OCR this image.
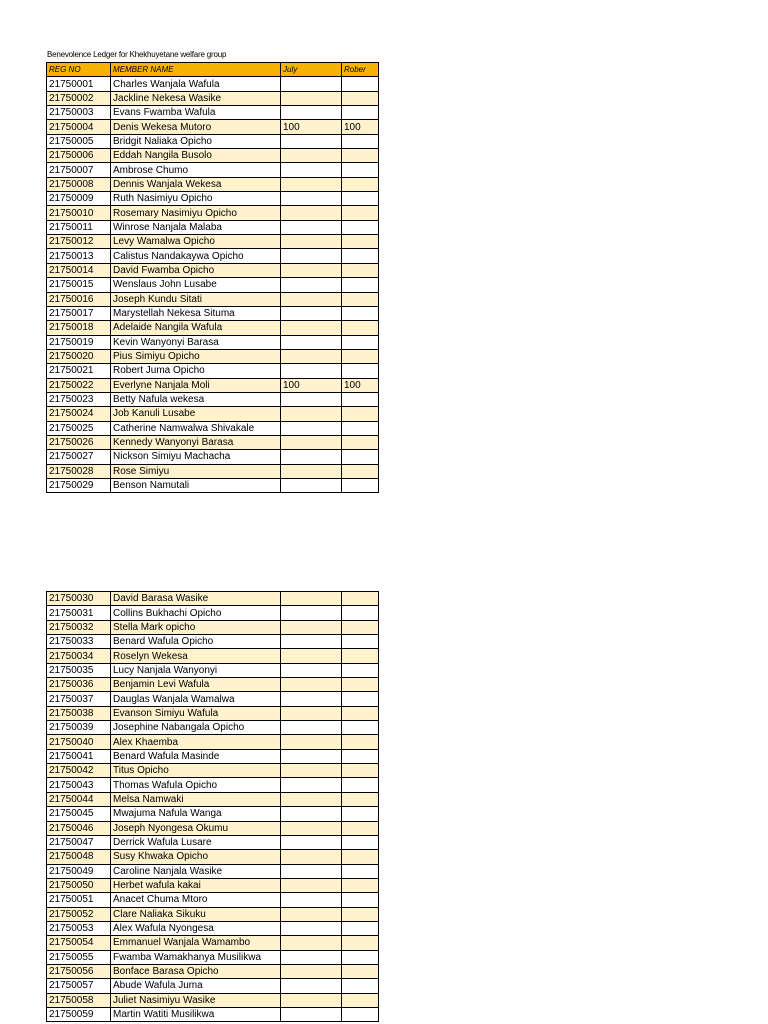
Benevolence Ledger for Khekhuyetane welfare group
REG NO	MEMBER NAME	July	Rober
21750001	Charles Wanjala Wafula		
21750002	Jackline Nekesa Wasike		
21750003	Evans Fwamba Wafula		
21750004	Denis Wekesa Mutoro	100	100
21750005	Bridgit Naliaka Opicho		
21750006	Eddah Nangila Busolo		
21750007	Ambrose Chumo		
21750008	Dennis Wanjala Wekesa		
21750009	Ruth Nasimiyu Opicho		
21750010	Rosemary Nasimiyu Opicho		
21750011	Winrose Nanjala Malaba		
21750012	Levy Wamalwa Opicho		
21750013	Calistus Nandakaywa Opicho		
21750014	David Fwamba Opicho		
21750015	Wenslaus John Lusabe		
21750016	Joseph Kundu Sitati		
21750017	Marystellah Nekesa Situma		
21750018	Adelaide Nangila Wafula		
21750019	Kevin Wanyonyi Barasa		
21750020	Pius Simiyu Opicho		
21750021	Robert Juma Opicho		
21750022	Everlyne Nanjala Moli	100	100
21750023	Betty Nafula wekesa		
21750024	Job Kanuli Lusabe		
21750025	Catherine Namwalwa Shivakale		
21750026	Kennedy Wanyonyi Barasa		
21750027	Nickson Simiyu Machacha		
21750028	Rose Simiyu		
21750029	Benson Namutali		
21750030	David Barasa Wasike		
21750031	Collins Bukhachi Opicho		
21750032	Stella Mark opicho		
21750033	Benard Wafula Opicho		
21750034	Roselyn Wekesa		
21750035	Lucy Nanjala Wanyonyi		
21750036	Benjamin Levi Wafula		
21750037	Dauglas Wanjala Wamalwa		
21750038	Evanson Simiyu Wafula		
21750039	Josephine Nabangala Opicho		
21750040	Alex Khaemba		
21750041	Benard Wafula Masinde		
21750042	Titus Opicho		
21750043	Thomas Wafula Opicho		
21750044	Melsa Namwaki		
21750045	Mwajuma Nafula Wanga		
21750046	Joseph Nyongesa Okumu		
21750047	Derrick Wafula Lusare		
21750048	Susy Khwaka Opicho		
21750049	Caroline Nanjala Wasike		
21750050	Herbet wafula kakai		
21750051	Anacet Chuma Mtoro		
21750052	Clare Naliaka Sikuku		
21750053	Alex Wafula Nyongesa		
21750054	Emmanuel Wanjala Wamambo		
21750055	Fwamba Wamakhanya Musilikwa		
21750056	Bonface Barasa Opicho		
21750057	Abude Wafula Juma		
21750058	Juliet Nasimiyu Wasike		
21750059	Martin Watiti Musilikwa		
